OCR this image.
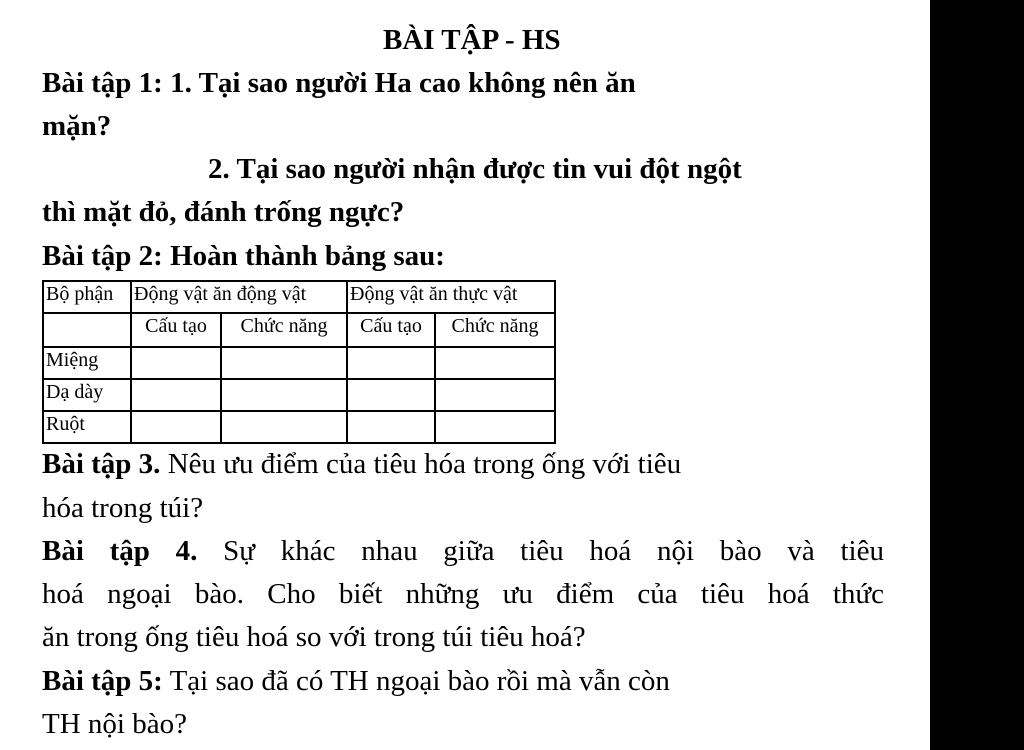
BÀI TẬP - HS
Bài tập 1: 1. Tại sao người Ha cao không nên ăn
mặn?
2. Tại sao người nhận được tin vui đột ngột
thì mặt đỏ, đánh trống ngực?
Bài tập 2: Hoàn thành bảng sau:
Bộ phận	Động vật ăn động vật		Động vật ăn thực vật	
	Cấu tạo	Chức năng	Cấu tạo	Chức năng
Miệng				
Dạ dày				
Ruột				
Bài tập 3. Nêu ưu điểm của tiêu hóa trong ống với tiêu
hóa trong túi?
Bài tập 4. Sự khác nhau giữa tiêu hoá nội bào và tiêu
hoá ngoại bào. Cho biết những ưu điểm của tiêu hoá thức
ăn trong ống tiêu hoá so với trong túi tiêu hoá?
Bài tập 5: Tại sao đã có TH ngoại bào rồi mà vẫn còn
TH nội bào?
